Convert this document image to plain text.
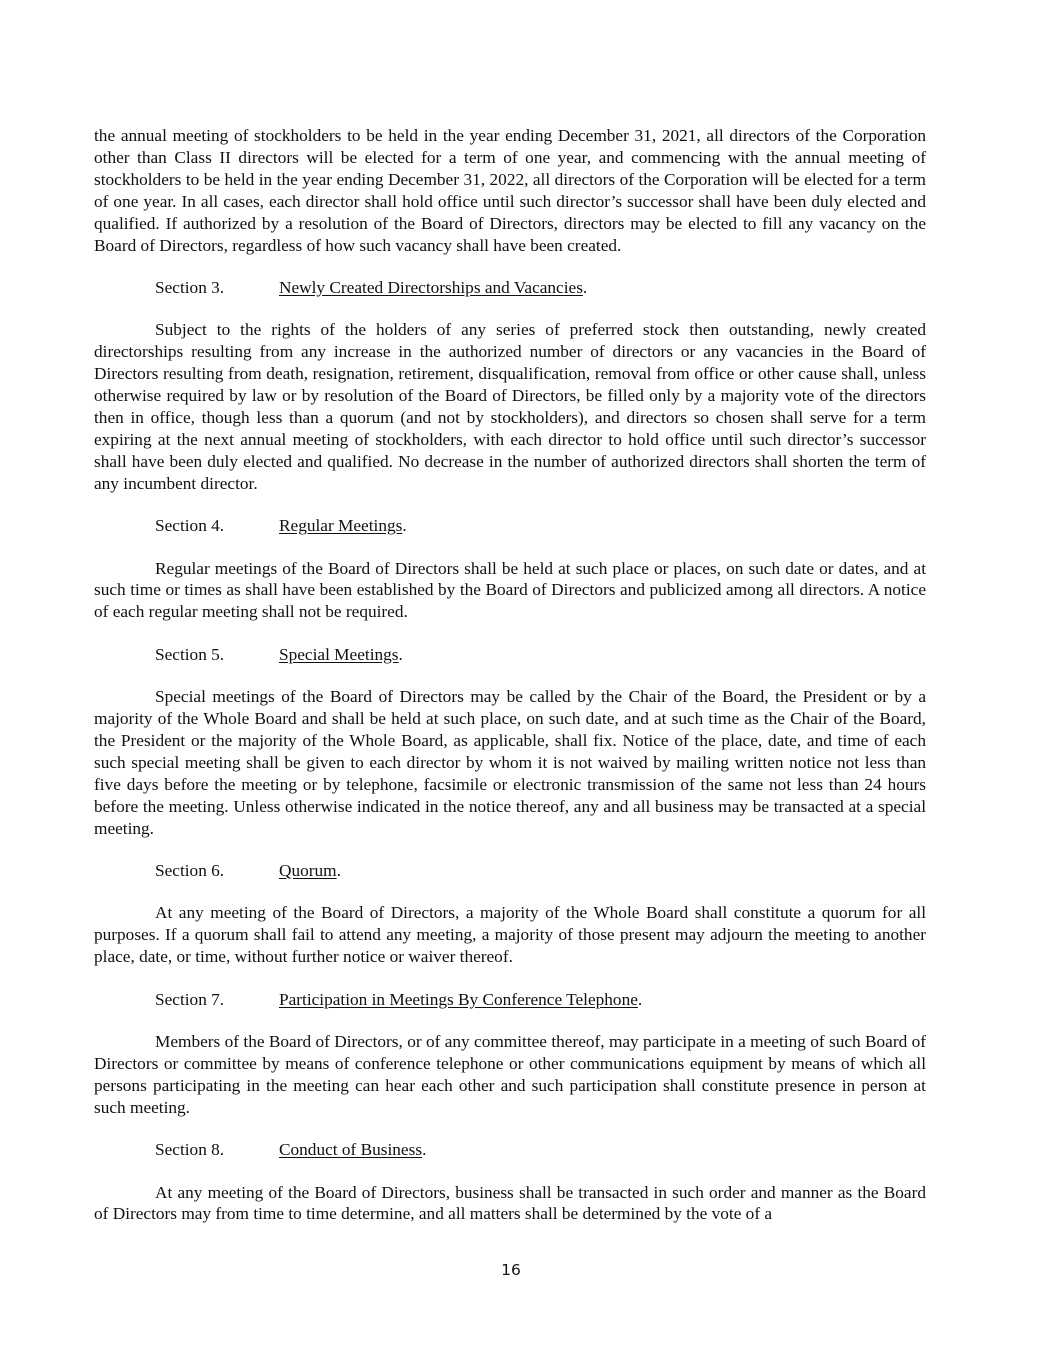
the annual meeting of stockholders to be held in the year ending December 31, 2021, all directors of the Corporation other than Class II directors will be elected for a term of one year, and commencing with the annual meeting of stockholders to be held in the year ending December 31, 2022, all directors of the Corporation will be elected for a term of one year. In all cases, each director shall hold office until such director’s successor shall have been duly elected and qualified. If authorized by a resolution of the Board of Directors, directors may be elected to fill any vacancy on the Board of Directors, regardless of how such vacancy shall have been created.

Section 3.	Newly Created Directorships and Vacancies.

Subject to the rights of the holders of any series of preferred stock then outstanding, newly created directorships resulting from any increase in the authorized number of directors or any vacancies in the Board of Directors resulting from death, resignation, retirement, disqualification, removal from office or other cause shall, unless otherwise required by law or by resolution of the Board of Directors, be filled only by a majority vote of the directors then in office, though less than a quorum (and not by stockholders), and directors so chosen shall serve for a term expiring at the next annual meeting of stockholders, with each director to hold office until such director’s successor shall have been duly elected and qualified. No decrease in the number of authorized directors shall shorten the term of any incumbent director.

Section 4.	Regular Meetings.

Regular meetings of the Board of Directors shall be held at such place or places, on such date or dates, and at such time or times as shall have been established by the Board of Directors and publicized among all directors. A notice of each regular meeting shall not be required.

Section 5.	Special Meetings.

Special meetings of the Board of Directors may be called by the Chair of the Board, the President or by a majority of the Whole Board and shall be held at such place, on such date, and at such time as the Chair of the Board, the President or the majority of the Whole Board, as applicable, shall fix. Notice of the place, date, and time of each such special meeting shall be given to each director by whom it is not waived by mailing written notice not less than five days before the meeting or by telephone, facsimile or electronic transmission of the same not less than 24 hours before the meeting. Unless otherwise indicated in the notice thereof, any and all business may be transacted at a special meeting.

Section 6.	Quorum.

At any meeting of the Board of Directors, a majority of the Whole Board shall constitute a quorum for all purposes. If a quorum shall fail to attend any meeting, a majority of those present may adjourn the meeting to another place, date, or time, without further notice or waiver thereof.

Section 7.	Participation in Meetings By Conference Telephone.

Members of the Board of Directors, or of any committee thereof, may participate in a meeting of such Board of Directors or committee by means of conference telephone or other communications equipment by means of which all persons participating in the meeting can hear each other and such participation shall constitute presence in person at such meeting.

Section 8.	Conduct of Business.

At any meeting of the Board of Directors, business shall be transacted in such order and manner as the Board of Directors may from time to time determine, and all matters shall be determined by the vote of a

16
